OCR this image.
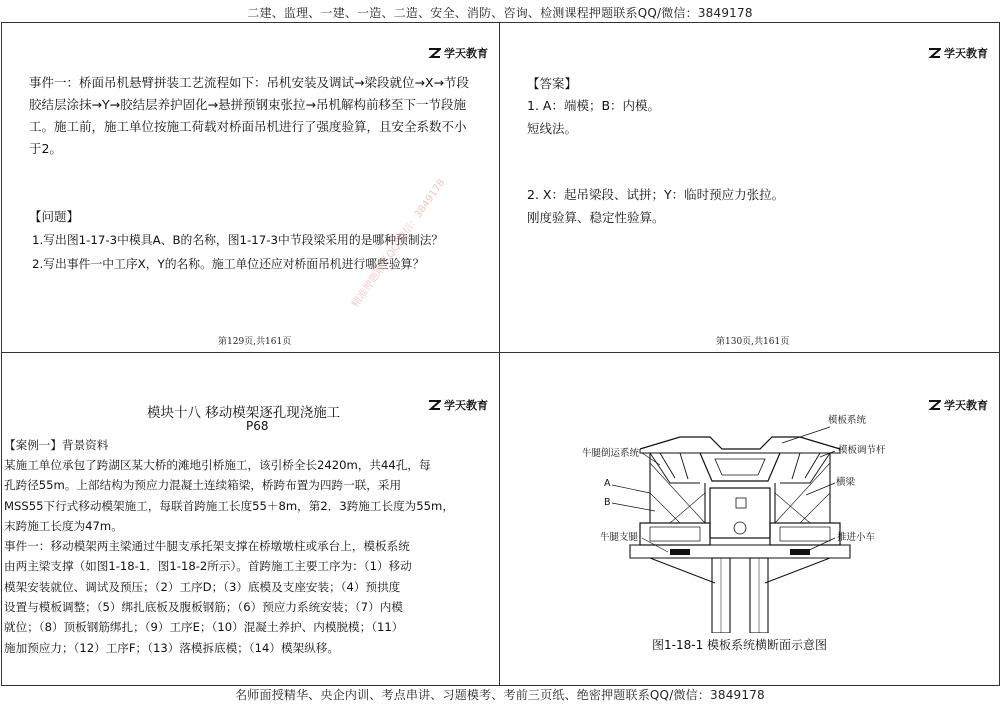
二建、监理、一建、一造、二造、安全、消防、咨询、检测课程押题联系QQ/微信：3849178
学天教育
事件一：桥面吊机悬臂拼装工艺流程如下：吊机安装及调试→梁段就位→X→节段
胶结层涂抹→Y→胶结层养护固化→悬拼预钢束张拉→吊机解构前移至下一节段施
工。施工前，施工单位按施工荷载对桥面吊机进行了强度验算，且安全系数不小
于2。
【问题】
1.写出图1-17-3中模具A、B的名称，图1-17-3中节段梁采用的是哪种预制法？
2.写出事件一中工序X，Y的名称。施工单位还应对桥面吊机进行哪些验算？
精准押题联系QQ/微信：3849178
第129页,共161页
学天教育
【答案】
1. A：端模；B：内模。
短线法。
2. X：起吊梁段、试拼；Y：临时预应力张拉。
刚度验算、稳定性验算。
第130页,共161页
学天教育
模块十八 移动模架逐孔现浇施工
P68
【案例一】背景资料
某施工单位承包了跨湖区某大桥的滩地引桥施工，该引桥全长2420m，共44孔，每
孔跨径55m。上部结构为预应力混凝土连续箱梁，桥跨布置为四跨一联，采用
MSS55下行式移动模架施工，每联首跨施工长度55＋8m，第2．3跨施工长度为55m，
末跨施工长度为47m。
事件一：移动模架两主梁通过牛腿支承托架支撑在桥墩墩柱或承台上，模板系统
由两主梁支撑（如图1-18-1．图1-18-2所示）。首跨施工主要工序为：（1）移动
模架安装就位、调试及预压；（2）工序D；（3）底模及支座安装；（4）预拱度
设置与模板调整；（5）绑扎底板及腹板钢筋；（6）预应力系统安装；（7）内模
就位；（8）顶板钢筋绑扎；（9）工序E；（10）混凝土养护、内模脱模；（11）
施加预应力；（12）工序F；（13）落模拆底模；（14）模架纵移。
学天教育
模板系统
模板调节杆
牛腿倒运系统
横梁
A
B
牛腿支腿	推进小车
图1-18-1 模板系统横断面示意图
名师面授精华、央企内训、考点串讲、习题模考、考前三页纸、绝密押题联系QQ/微信：3849178
